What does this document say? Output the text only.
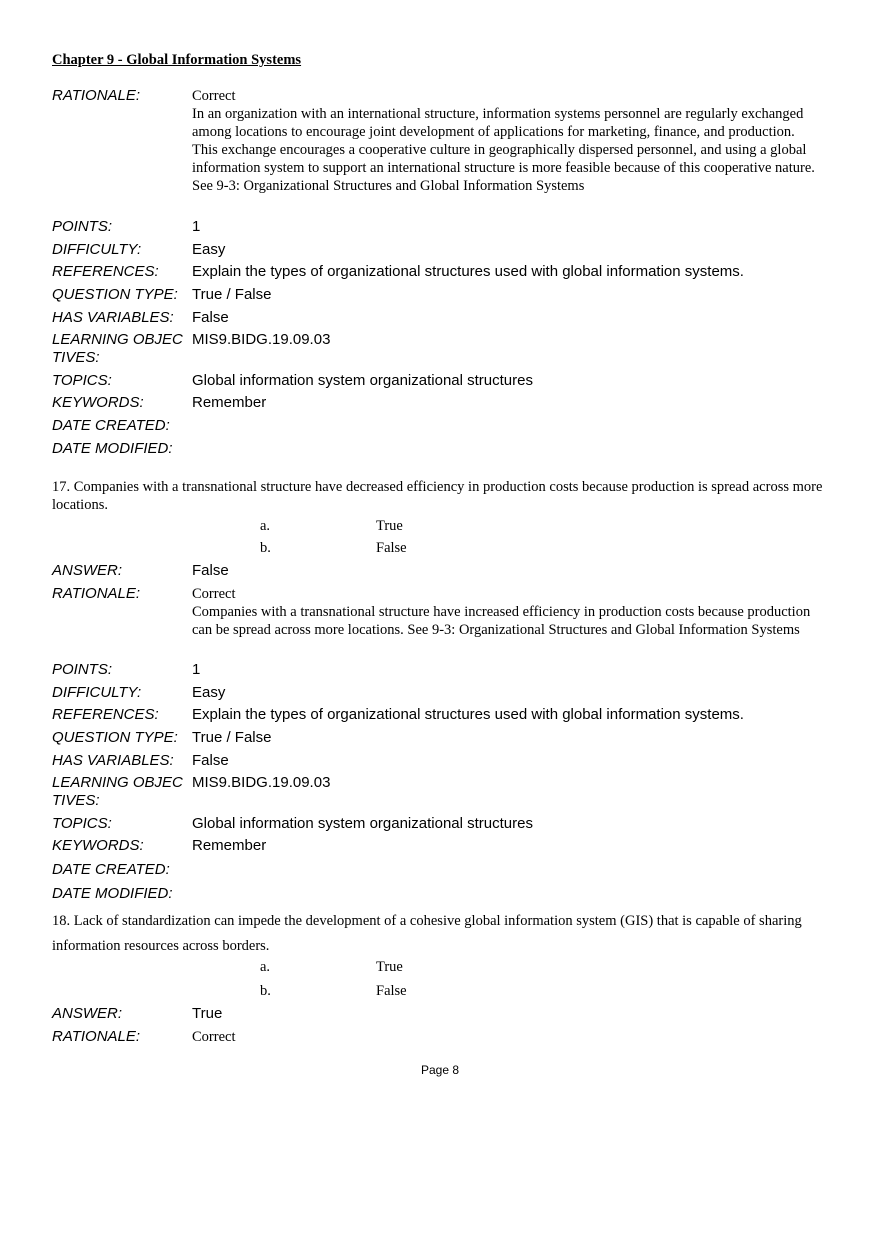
Chapter 9 - Global Information Systems
RATIONALE:	Correct
In an organization with an international structure, information systems personnel are regularly exchanged among locations to encourage joint development of applications for marketing, finance, and production. This exchange encourages a cooperative culture in geographically dispersed personnel, and using a global information system to support an international structure is more feasible because of this cooperative nature. See 9-3: Organizational Structures and Global Information Systems
POINTS:	1
DIFFICULTY:	Easy
REFERENCES:	Explain the types of organizational structures used with global information systems.
QUESTION TYPE: True / False
HAS VARIABLES:	False
LEARNING OBJEC
TIVES:
MIS9.BIDG.19.09.03
TOPICS:	Global information system organizational structures
KEYWORDS:	Remember
DATE CREATED:
DATE MODIFIED:
17. Companies with a transnational structure have decreased efficiency in production costs because production is spread across more locations.
a.	True
b.	False
ANSWER:	False
RATIONALE:	Correct
Companies with a transnational structure have increased efficiency in production costs because production can be spread across more locations. See 9-3: Organizational Structures and Global Information Systems
POINTS:	1
DIFFICULTY:	Easy
REFERENCES:	Explain the types of organizational structures used with global information systems.
QUESTION TYPE: True / False
HAS VARIABLES:	False
LEARNING OBJEC
TIVES:
MIS9.BIDG.19.09.03
TOPICS:	Global information system organizational structures
KEYWORDS:	Remember
DATE CREATED:
DATE MODIFIED:
18. Lack of standardization can impede the development of a cohesive global information system (GIS) that is capable of sharing information resources across borders.
a.	True
b.	False
ANSWER:	True
RATIONALE:	Correct
Page 8
